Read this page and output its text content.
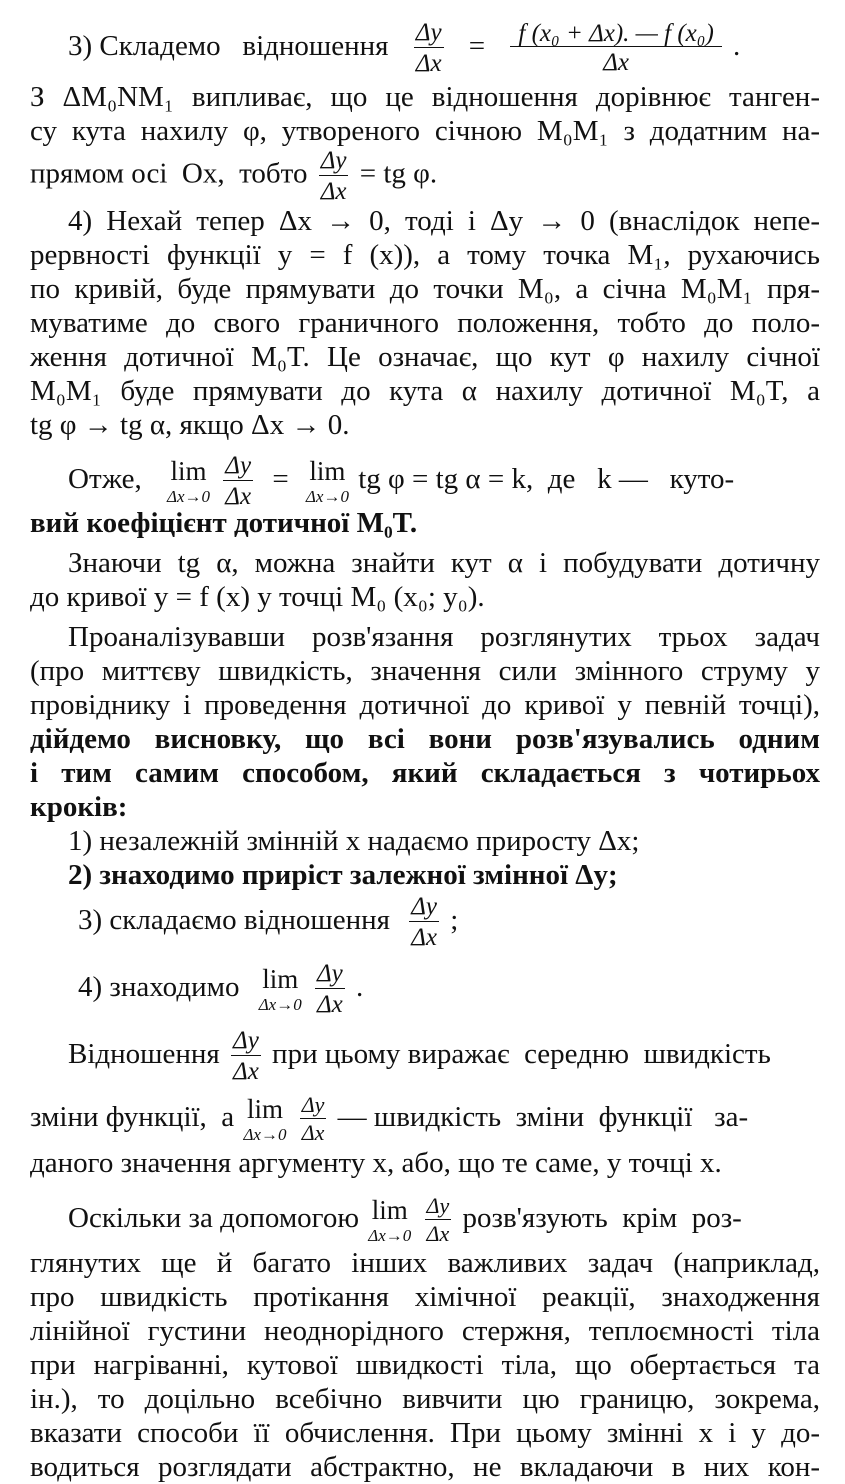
3) Складемо   відношення $\frac{\Delta y}{\Delta x} = \frac{\text{f (x₀ + Δx). — f (x₀)}}{\Delta x}$ .
З ΔM₀NM₁ випливає, що це відношення дорівнює танген-
су кута нахилу φ, утвореного січною M₀M₁ з додатним на-
прямом осі  Ox,  тобто $\frac{\Delta y}{\Delta x}$ = tg φ.
4) Нехай тепер Δx → 0, тоді і Δy → 0 (внаслідок непе-
рервності функції y = f (x)), а тому точка M₁, рухаючись
по кривій, буде прямувати до точки M₀, а січна M₀M₁ пря-
муватиме до свого граничного положення, тобто до поло-
ження дотичної M₀T. Це означає, що кут φ нахилу січної
M₀M₁ буде прямувати до кута α нахилу дотичної M₀T, а
tg φ → tg α, якщо Δx → 0.
Отже, lim
Δx→0
$\frac{\Delta y}{\Delta x} = \lim$
Δx→0
tg φ = tg α = k,  де   k —   куто-
вий коефіцієнт дотичної M₀T.
Знаючи tg α, можна знайти кут α і побудувати дотичну
до кривої y = f (x) у точці M₀ (x₀; y₀).
Проаналізувавши розв'язання розглянутих трьох задач
(про миттєву швидкість, значення сили змінного струму у
провіднику і проведення дотичної до кривої у певній точці),
дійдемо висновку, що всі вони розв'язувались одним
і тим самим способом, який складається з чотирьох
кроків:
1) незалежній змінній x надаємо приросту Δx;
2) знаходимо приріст залежної змінної Δy;
3) складаємо відношення $\frac{\Delta y}{\Delta x}$ ;
4) знаходимо lim
Δx→0
$\frac{\Delta y}{\Delta x}$ .
Відношення $\frac{\Delta y}{\Delta x}$ при цьому виражає  середню  швидкість
зміни функції,  а lim
Δx→0
$\frac{\Delta y}{\Delta x}$ — швидкість  зміни  функції   за-
даного значення аргументу x, або, що те саме, у точці x.
Оскільки за допомогою lim
Δx→0
$\frac{\Delta y}{\Delta x}$ розв'язують  крім  роз-
глянутих ще й багато інших важливих задач (наприклад,
про швидкість протікання хімічної реакції, знаходження
лінійної густини неоднорідного стержня, теплоємності тіла
при нагріванні, кутової швидкості тіла, що обертається та
ін.), то доцільно всебічно вивчити цю границю, зокрема,
вказати способи її обчислення. При цьому змінні x і y до-
водиться розглядати абстрактно, не вкладаючи в них кон-
